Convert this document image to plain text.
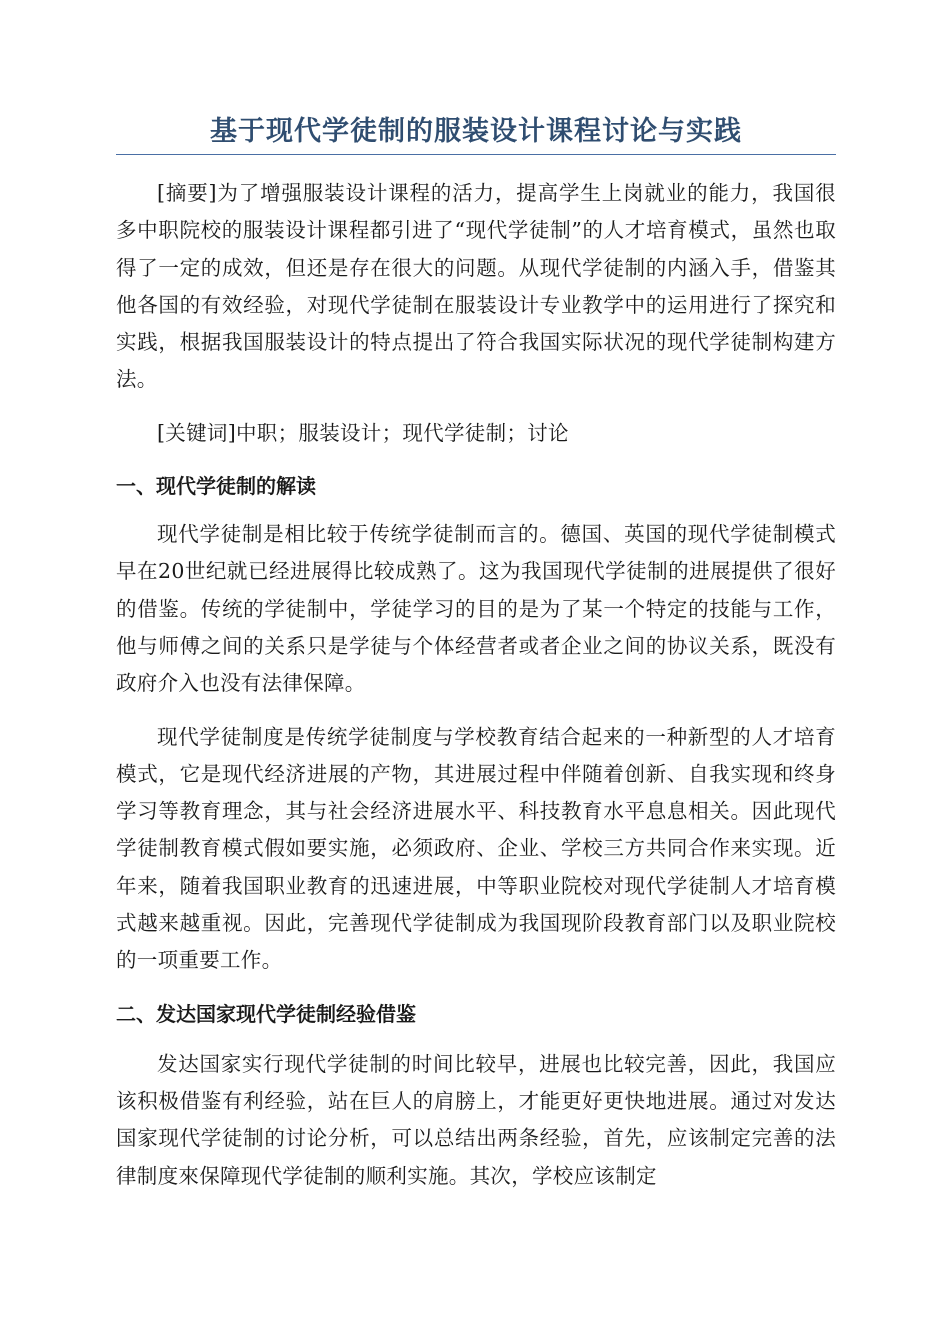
基于现代学徒制的服装设计课程讨论与实践

[摘要]为了增强服装设计课程的活力，提高学生上岗就业的能力，我国很多中职院校的服装设计课程都引进了“现代学徒制”的人才培育模式，虽然也取得了一定的成效，但还是存在很大的问题。从现代学徒制的内涵入手，借鉴其他各国的有效经验，对现代学徒制在服装设计专业教学中的运用进行了探究和实践，根据我国服装设计的特点提出了符合我国实际状况的现代学徒制构建方法。

[关键词]中职；服装设计；现代学徒制；讨论

一、现代学徒制的解读

现代学徒制是相比较于传统学徒制而言的。德国、英国的现代学徒制模式早在20世纪就已经进展得比较成熟了。这为我国现代学徒制的进展提供了很好的借鉴。传统的学徒制中，学徒学习的目的是为了某一个特定的技能与工作，他与师傅之间的关系只是学徒与个体经营者或者企业之间的协议关系，既没有政府介入也没有法律保障。

现代学徒制度是传统学徒制度与学校教育结合起来的一种新型的人才培育模式，它是现代经济进展的产物，其进展过程中伴随着创新、自我实现和终身学习等教育理念，其与社会经济进展水平、科技教育水平息息相关。因此现代学徒制教育模式假如要实施，必须政府、企业、学校三方共同合作来实现。近年来，随着我国职业教育的迅速进展，中等职业院校对现代学徒制人才培育模式越来越重视。因此，完善现代学徒制成为我国现阶段教育部门以及职业院校的一项重要工作。

二、发达国家现代学徒制经验借鉴

发达国家实行现代学徒制的时间比较早，进展也比较完善，因此，我国应该积极借鉴有利经验，站在巨人的肩膀上，才能更好更快地进展。通过对发达国家现代学徒制的讨论分析，可以总结出两条经验，首先，应该制定完善的法律制度來保障现代学徒制的顺利实施。其次，学校应该制定
